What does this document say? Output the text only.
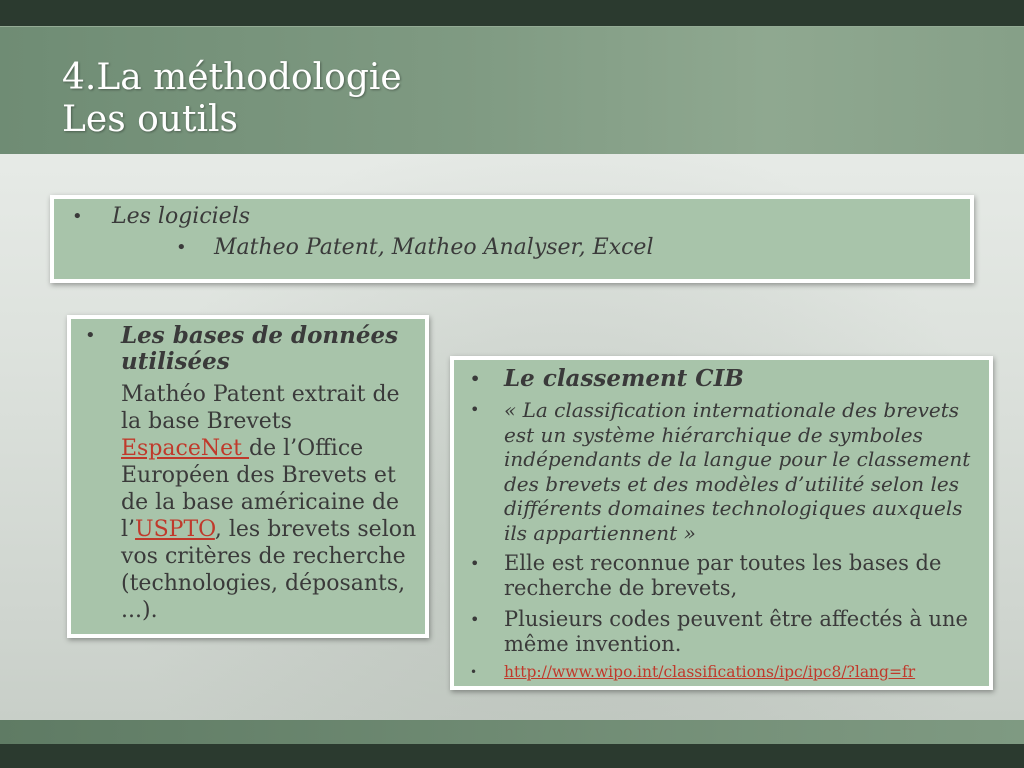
4.La méthodologie
Les outils
• Les logiciels
• Matheo Patent, Matheo Analyser, Excel
• Les bases de données utilisées

Mathéo Patent extrait de la base Brevets EspaceNet de l’Office Européen des Brevets et de la base américaine de l’USPTO, les brevets selon vos critères de recherche (technologies, déposants, ...).

• Le classement CIB
• « La classification internationale des brevets est un système hiérarchique de symboles indépendants de la langue pour le classement des brevets et des modèles d’utilité selon les différents domaines technologiques auxquels ils appartiennent »
• Elle est reconnue par toutes les bases de recherche de brevets,
• Plusieurs codes peuvent être affectés à une même invention.
• http://www.wipo.int/classifications/ipc/ipc8/?lang=fr
